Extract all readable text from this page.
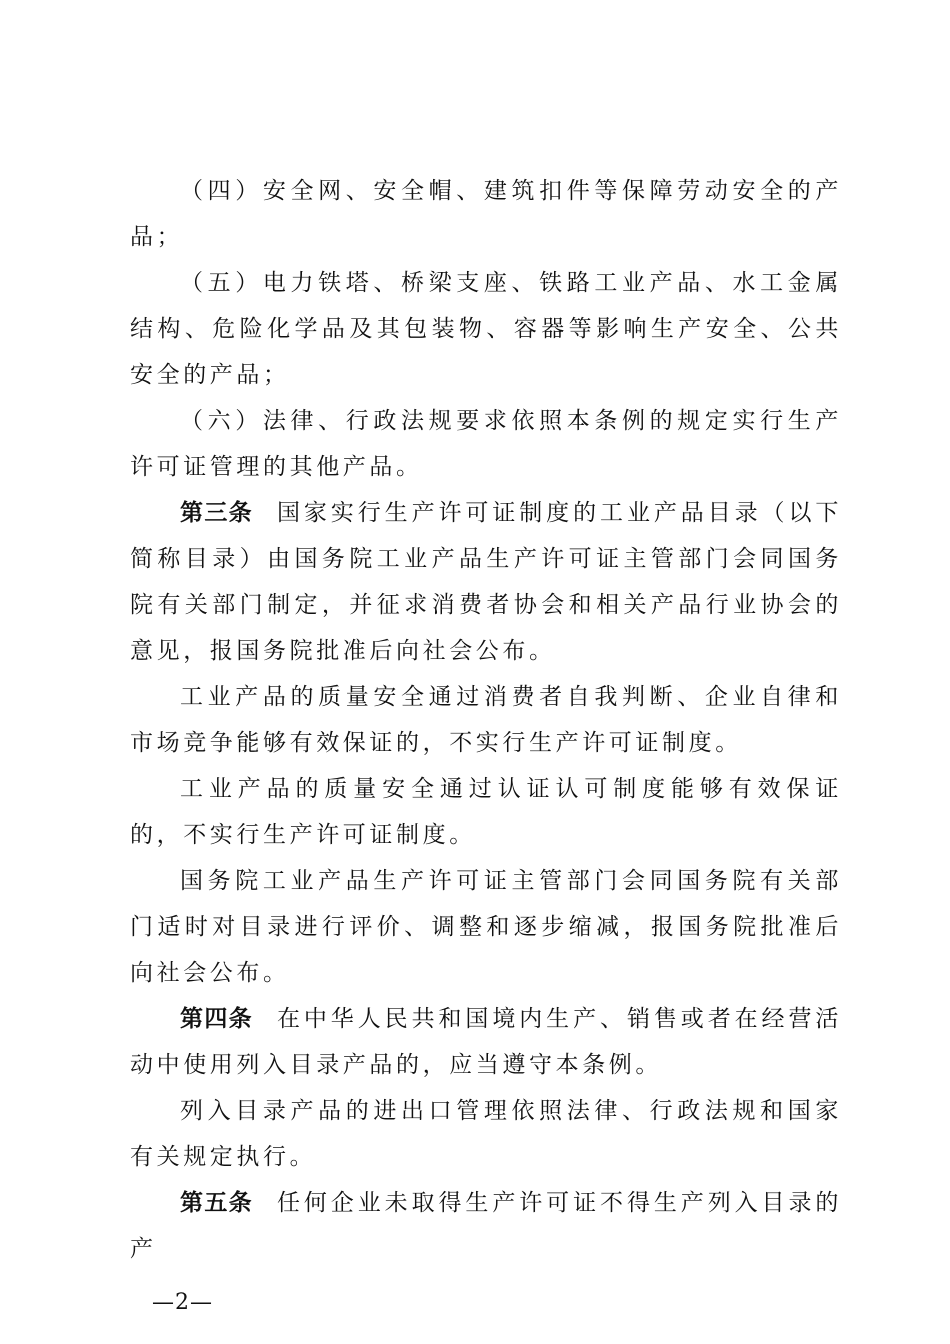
（四）安全网、安全帽、建筑扣件等保障劳动安全的产品；

（五）电力铁塔、桥梁支座、铁路工业产品、水工金属结构、危险化学品及其包装物、容器等影响生产安全、公共安全的产品；

（六）法律、行政法规要求依照本条例的规定实行生产许可证管理的其他产品。

第三条 国家实行生产许可证制度的工业产品目录（以下简称目录）由国务院工业产品生产许可证主管部门会同国务院有关部门制定，并征求消费者协会和相关产品行业协会的意见，报国务院批准后向社会公布。

工业产品的质量安全通过消费者自我判断、企业自律和市场竞争能够有效保证的，不实行生产许可证制度。

工业产品的质量安全通过认证认可制度能够有效保证的，不实行生产许可证制度。

国务院工业产品生产许可证主管部门会同国务院有关部门适时对目录进行评价、调整和逐步缩减，报国务院批准后向社会公布。

第四条 在中华人民共和国境内生产、销售或者在经营活动中使用列入目录产品的，应当遵守本条例。

列入目录产品的进出口管理依照法律、行政法规和国家有关规定执行。

第五条 任何企业未取得生产许可证不得生产列入目录的产

—2—
